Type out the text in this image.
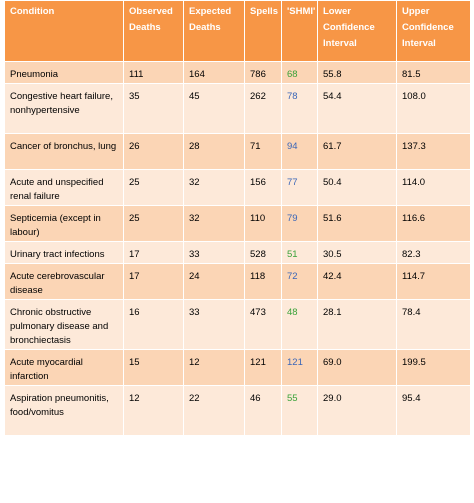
Condition	Observed Deaths	Expected Deaths	Spells	'SHMI'	Lower Confidence Interval	Upper Confidence Interval
Pneumonia	111	164	786	68	55.8	81.5
Congestive heart failure, nonhypertensive	35	45	262	78	54.4	108.0
Cancer of bronchus, lung	26	28	71	94	61.7	137.3
Acute and unspecified renal failure	25	32	156	77	50.4	114.0
Septicemia (except in labour)	25	32	110	79	51.6	116.6
Urinary tract infections	17	33	528	51	30.5	82.3
Acute cerebrovascular disease	17	24	118	72	42.4	114.7
Chronic obstructive pulmonary disease and bronchiectasis	16	33	473	48	28.1	78.4
Acute myocardial infarction	15	12	121	121	69.0	199.5
Aspiration pneumonitis, food/vomitus	12	22	46	55	29.0	95.4
